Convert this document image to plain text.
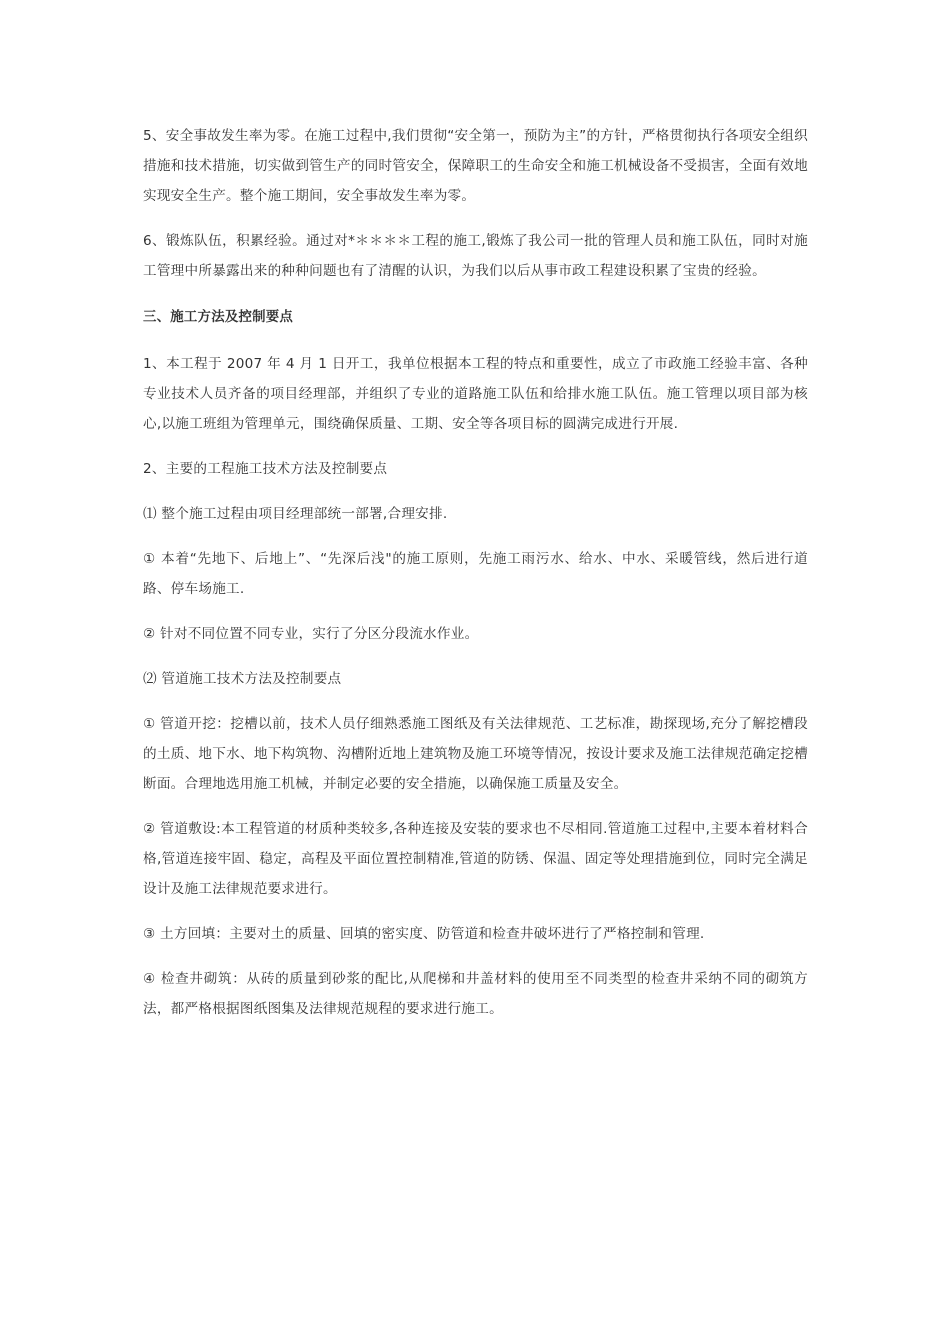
5、安全事故发生率为零。在施工过程中,我们贯彻“安全第一，预防为主”的方针，严格贯彻执行各项安全组织措施和技术措施，切实做到管生产的同时管安全，保障职工的生命安全和施工机械设备不受损害，全面有效地实现安全生产。整个施工期间，安全事故发生率为零。

6、锻炼队伍，积累经验。通过对*＊＊＊＊工程的施工,锻炼了我公司一批的管理人员和施工队伍，同时对施工管理中所暴露出来的种种问题也有了清醒的认识，为我们以后从事市政工程建设积累了宝贵的经验。

三、施工方法及控制要点

1、本工程于 2007 年 4 月 1 日开工，我单位根据本工程的特点和重要性，成立了市政施工经验丰富、各种专业技术人员齐备的项目经理部，并组织了专业的道路施工队伍和给排水施工队伍。施工管理以项目部为核心,以施工班组为管理单元，围绕确保质量、工期、安全等各项目标的圆满完成进行开展.

2、主要的工程施工技术方法及控制要点

⑴ 整个施工过程由项目经理部统一部署,合理安排.

① 本着“先地下、后地上”、“先深后浅"的施工原则，先施工雨污水、给水、中水、采暖管线，然后进行道路、停车场施工.

② 针对不同位置不同专业，实行了分区分段流水作业。

⑵ 管道施工技术方法及控制要点

① 管道开挖：挖槽以前，技术人员仔细熟悉施工图纸及有关法律规范、工艺标准，勘探现场,充分了解挖槽段的土质、地下水、地下构筑物、沟槽附近地上建筑物及施工环境等情况，按设计要求及施工法律规范确定挖槽断面。合理地选用施工机械，并制定必要的安全措施，以确保施工质量及安全。

② 管道敷设:本工程管道的材质种类较多,各种连接及安装的要求也不尽相同.管道施工过程中,主要本着材料合格,管道连接牢固、稳定，高程及平面位置控制精准,管道的防锈、保温、固定等处理措施到位，同时完全满足设计及施工法律规范要求进行。

③ 土方回填：主要对土的质量、回填的密实度、防管道和检查井破坏进行了严格控制和管理.

④ 检查井砌筑：从砖的质量到砂浆的配比,从爬梯和井盖材料的使用至不同类型的检查井采纳不同的砌筑方法，都严格根据图纸图集及法律规范规程的要求进行施工。
